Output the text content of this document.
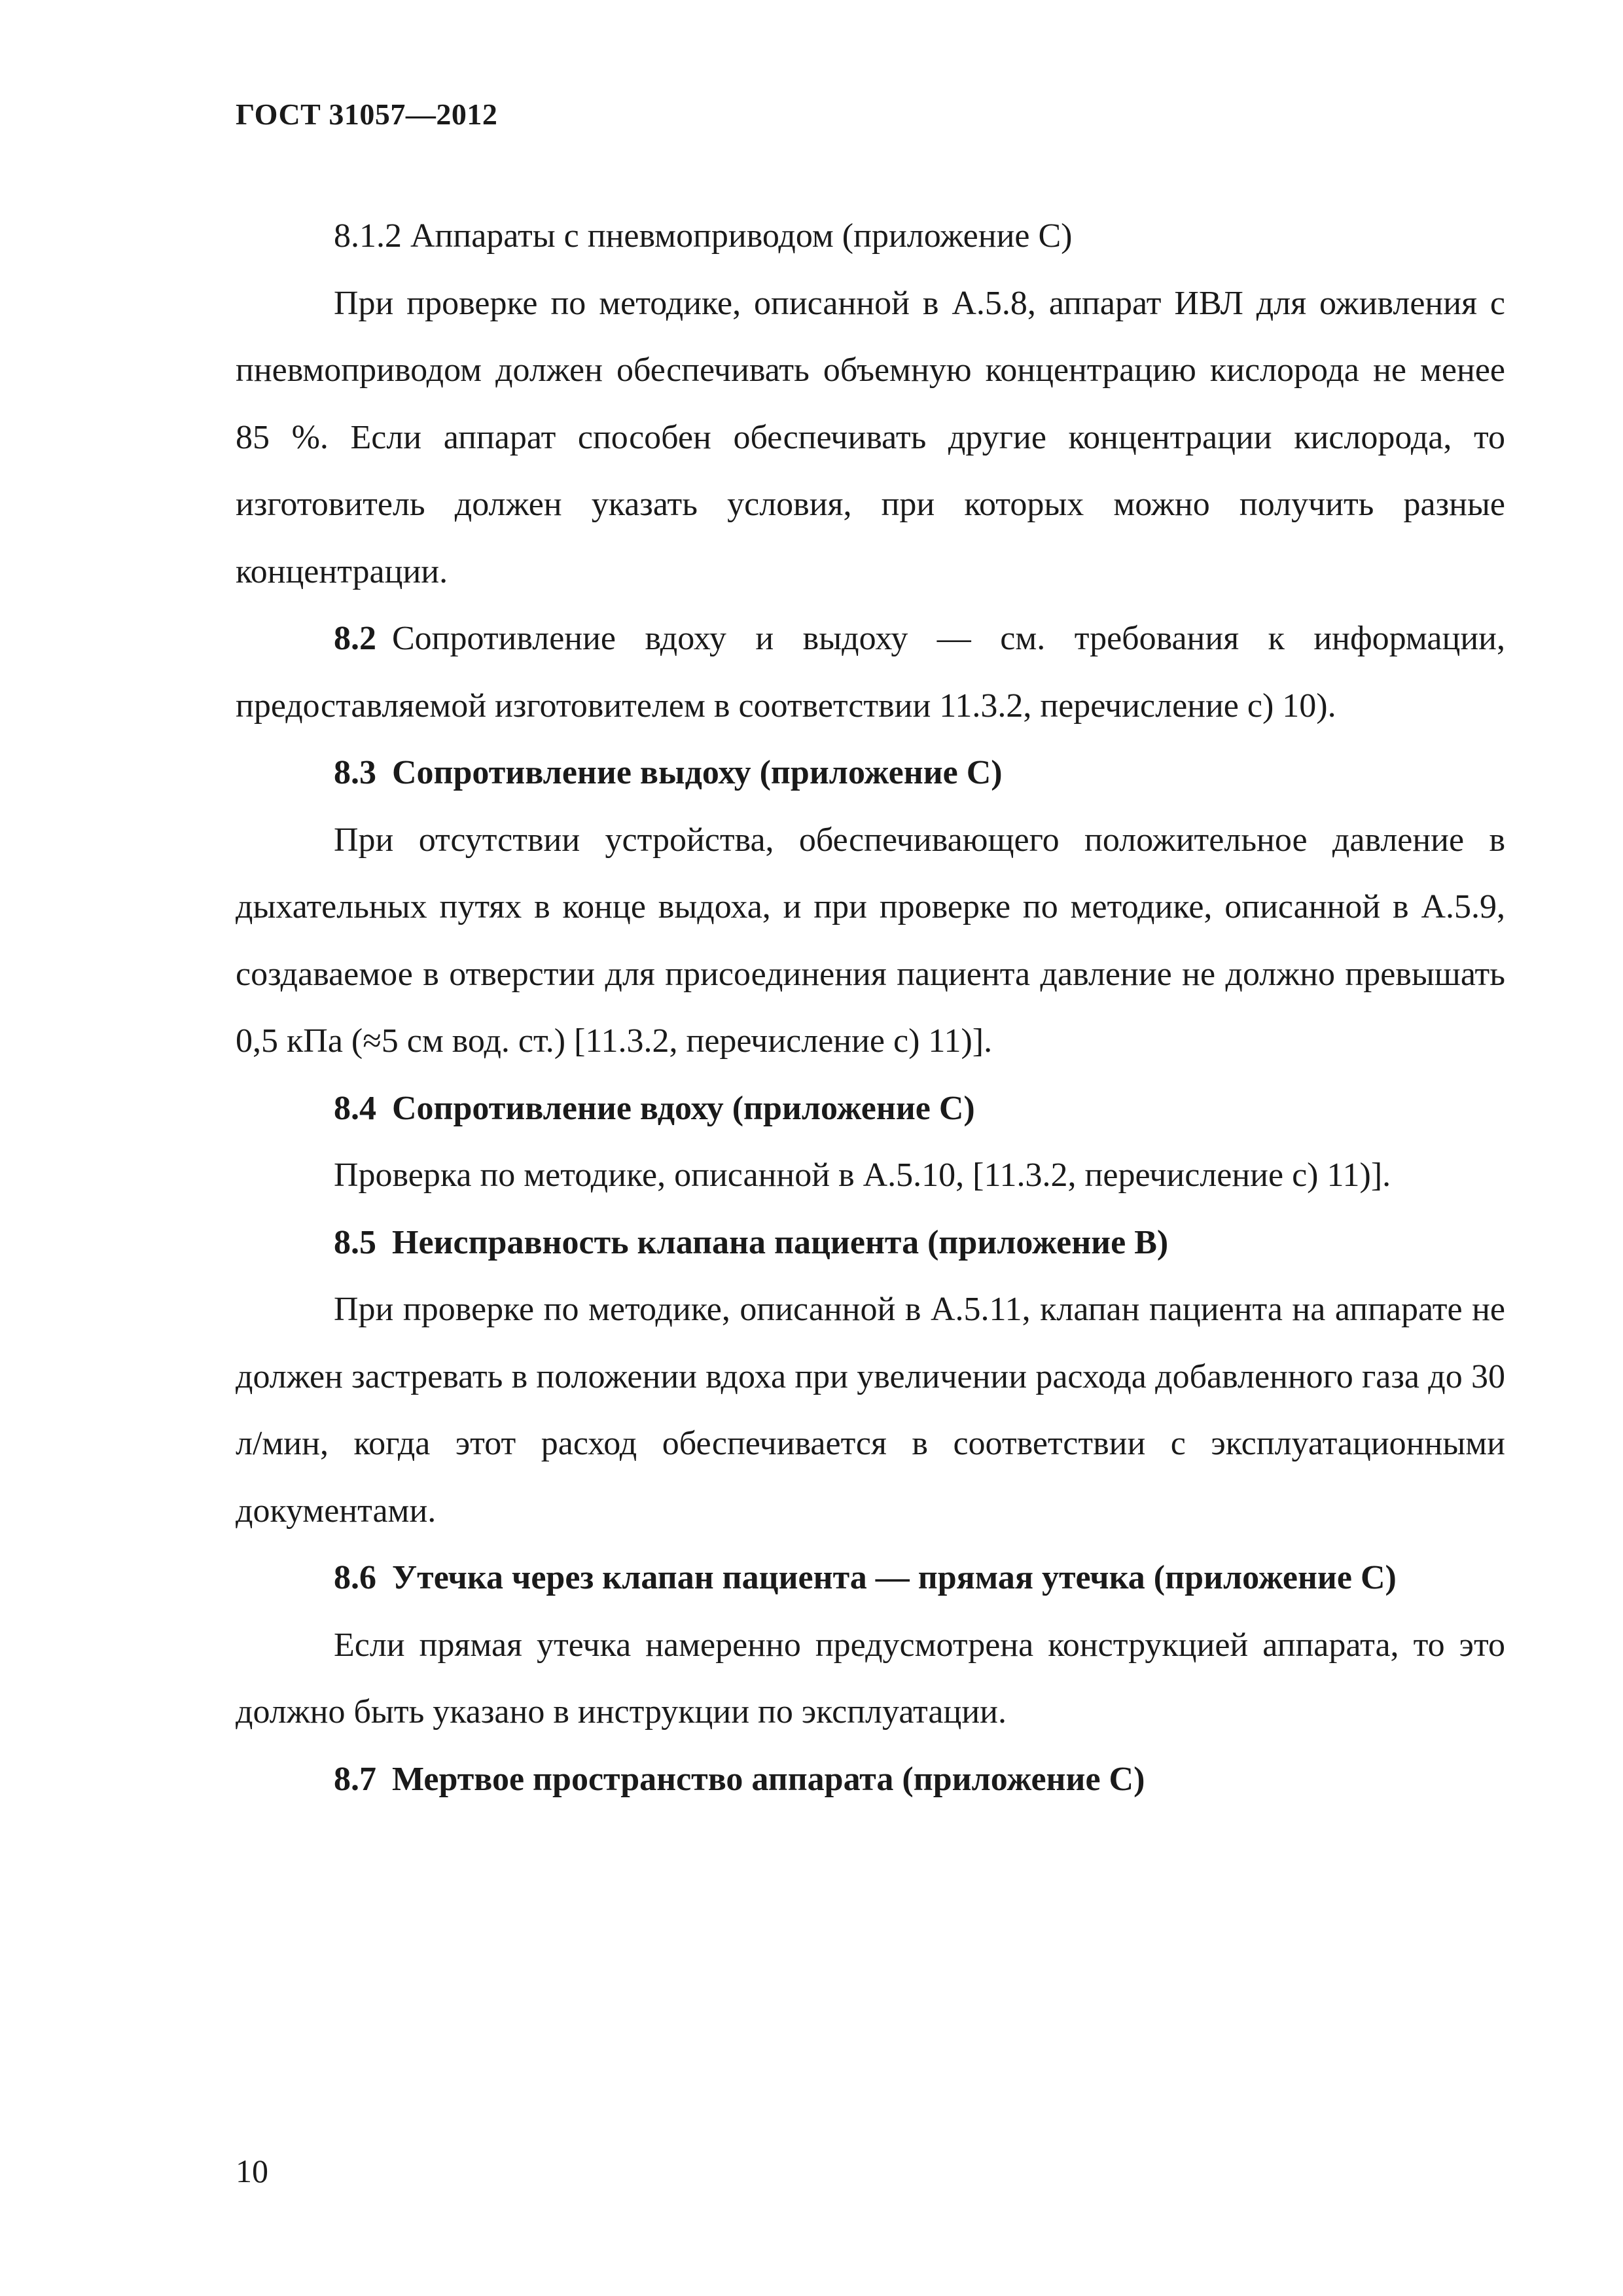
ГОСТ 31057—2012

8.1.2 Аппараты с пневмоприводом (приложение С)

При проверке по методике, описанной в А.5.8, аппарат ИВЛ для оживления с пневмоприводом должен обеспечивать объемную концентрацию кислорода не менее 85 %. Если аппарат способен обеспечивать другие концентрации кислорода, то изготовитель должен указать условия, при которых можно получить разные концентрации.

8.2 Сопротивление вдоху и выдоху — см. требования к информации, предоставляемой изготовителем в соответствии 11.3.2, перечисление с) 10).

8.3 Сопротивление выдоху (приложение С)

При отсутствии устройства, обеспечивающего положительное давление в дыхательных путях в конце выдоха, и при проверке по методике, описанной в А.5.9, создаваемое в отверстии для присоединения пациента давление не должно превышать 0,5 кПа (≈5 см вод. ст.) [11.3.2, перечисление с) 11)].

8.4 Сопротивление вдоху (приложение С)

Проверка по методике, описанной в А.5.10, [11.3.2, перечисление с) 11)].

8.5 Неисправность клапана пациента (приложение В)

При проверке по методике, описанной в А.5.11, клапан пациента на аппарате не должен застревать в положении вдоха при увеличении расхода добавленного газа до 30 л/мин, когда этот расход обеспечивается в соответствии с эксплуатационными документами.

8.6 Утечка через клапан пациента — прямая утечка (приложение С)

Если прямая утечка намеренно предусмотрена конструкцией аппарата, то это должно быть указано в инструкции по эксплуатации.

8.7 Мертвое пространство аппарата (приложение С)

10
